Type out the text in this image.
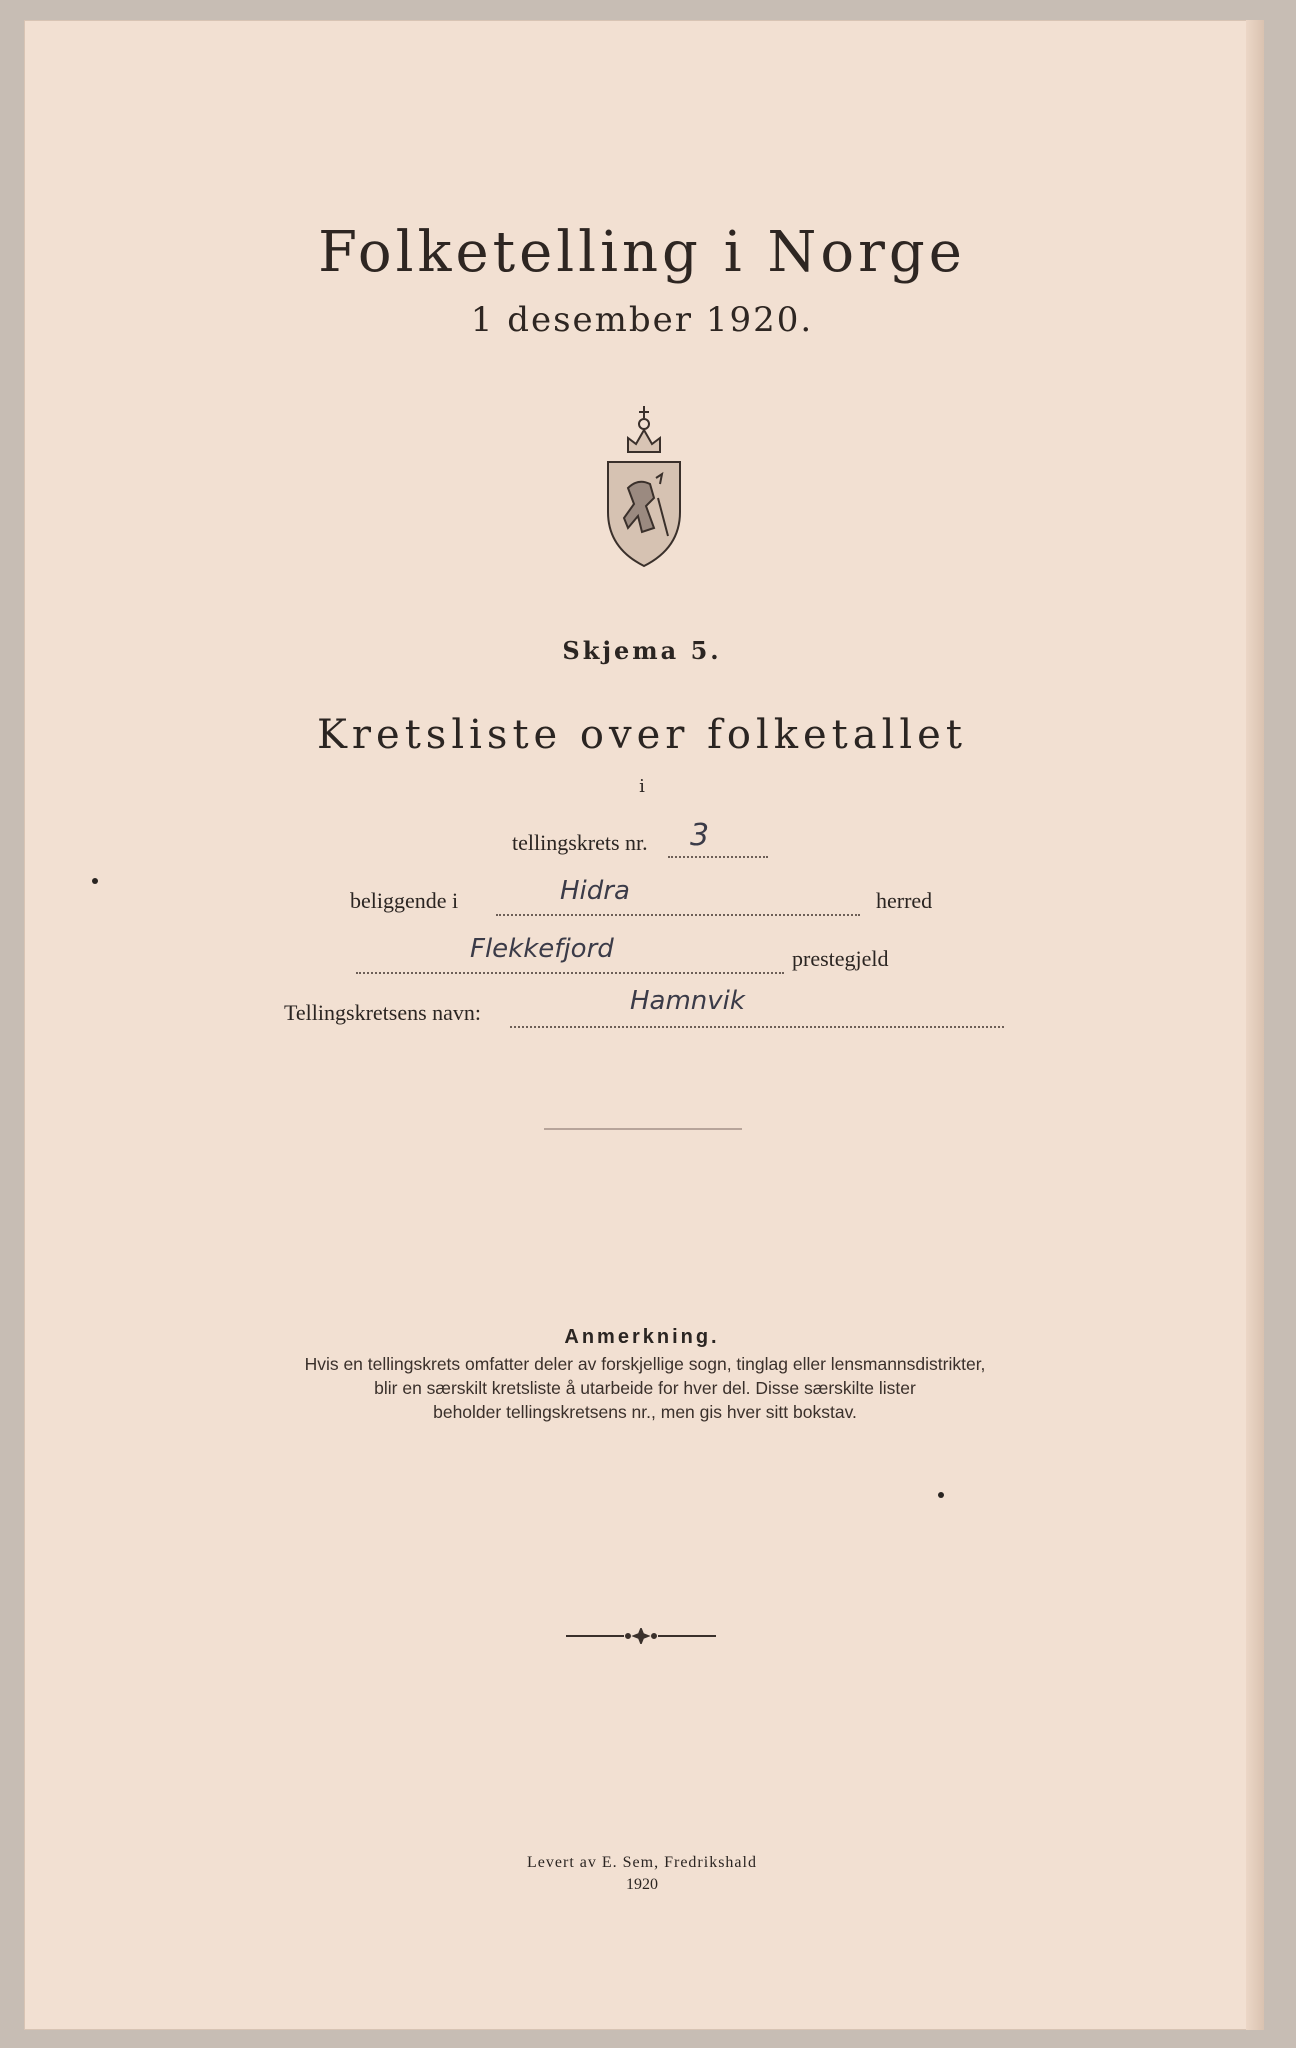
Folketelling i Norge
1 desember 1920.
Skjema 5.
Kretsliste over folketallet
i
tellingskrets nr. 3
beliggende i	Hidra	herred
Flekkefjord	prestegjeld
Tellingskretsens navn:	Hamnvik
Anmerkning.
Hvis en tellingskrets omfatter deler av forskjellige sogn, tinglag eller lensmannsdistrikter,
blir en særskilt kretsliste å utarbeide for hver del. Disse særskilte lister
beholder tellingskretsens nr., men gis hver sitt bokstav.
Levert av E. Sem, Fredrikshald
1920
